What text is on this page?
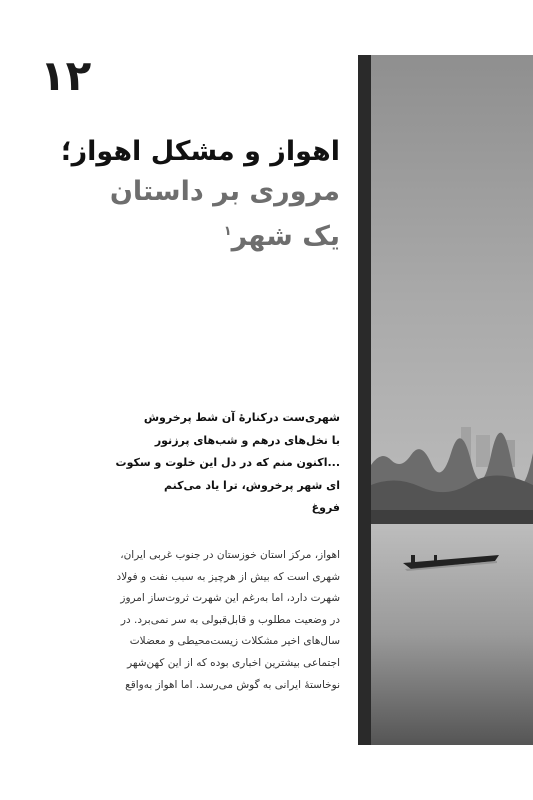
۱۲
اهواز و مشکل اهواز؛
مروری بر داستان
یک شهر$^۱$
شهری‌ست درکنارۀ آن شط پرخروش
با نخل‌های درهم و شب‌های پرزنور
...اکنون منم که در دل این خلوت و سکوت
ای شهر پرخروش، ترا یاد می‌کنم
فروغ
اهواز، مرکز استان خوزستان در جنوب غربی ایران،
شهری است که بیش از هرچیز به سبب نفت و فولاد
شهرت دارد، اما به‌رغم این شهرت ثروت‌ساز امروز
در وضعیت مطلوب و قابل‌قبولی به سر نمی‌برد. در
سال‌های اخیر مشکلات زیست‌محیطی و معضلات
اجتماعی بیشترین اخباری بوده که از این کهن‌شهر
نوخاستۀ ایرانی به گوش می‌رسد. اما اهواز به‌واقع
